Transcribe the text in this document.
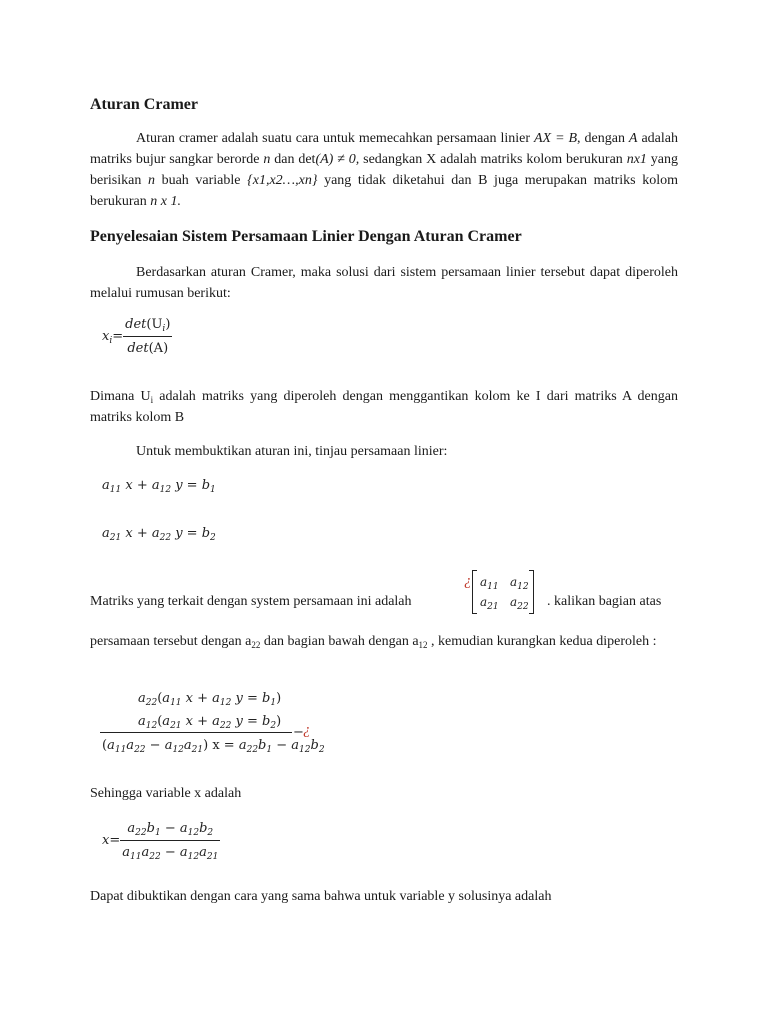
Aturan Cramer
Aturan cramer adalah suatu cara untuk memecahkan persamaan linier AX = B, dengan A adalah matriks bujur sangkar berorde n dan det(A) ≠ 0, sedangkan X adalah matriks kolom berukuran nx1 yang berisikan n buah variable {x1,x2…,xn} yang tidak diketahui dan B juga merupakan matriks kolom berukuran n x 1.
Penyelesaian Sistem Persamaan Linier Dengan Aturan Cramer
Berdasarkan aturan Cramer, maka solusi dari sistem persamaan linier tersebut dapat diperoleh melalui rumusan berikut:
$x_i= \frac{\det(U_i)}{\det(A)}$
Dimana $U_i$ adalah matriks yang diperoleh dengan menggantikan kolom ke I dari matriks A dengan matriks kolom B
Untuk membuktikan aturan ini, tinjau persamaan linier:
$a_{11}$ $x + a_{12}$ $y = b_1$
$a_{21}$ $x + a_{22}$ $y = b_2$
Matriks yang terkait dengan system persamaan ini adalah
¿ $a_{11}$ $a_{12}$
$a_{21}$ $a_{22}$ . kalikan bagian atas
persamaan tersebut dengan $a_{22}$ dan bagian bawah dengan $a_{12}$ , kemudian kurangkan kedua diperoleh :
$a_{22}(a_{11}$ $x + a_{12}$ $y = b_1$)
$a_{12}(a_{21}$ $x + a_{22}$ $y = b_2$)
$(a_{11}a_{22} - a_{12}a_{21}) x = a_{22}b_1 - a_{12}b_2$
− ¿
Sehingga variable x adalah
$x= \frac{a_{22}b_1 - a_{12}b_2}{a_{11}a_{22} - a_{12}a_{21}}$
Dapat dibuktikan dengan cara yang sama bahwa untuk variable y solusinya adalah
